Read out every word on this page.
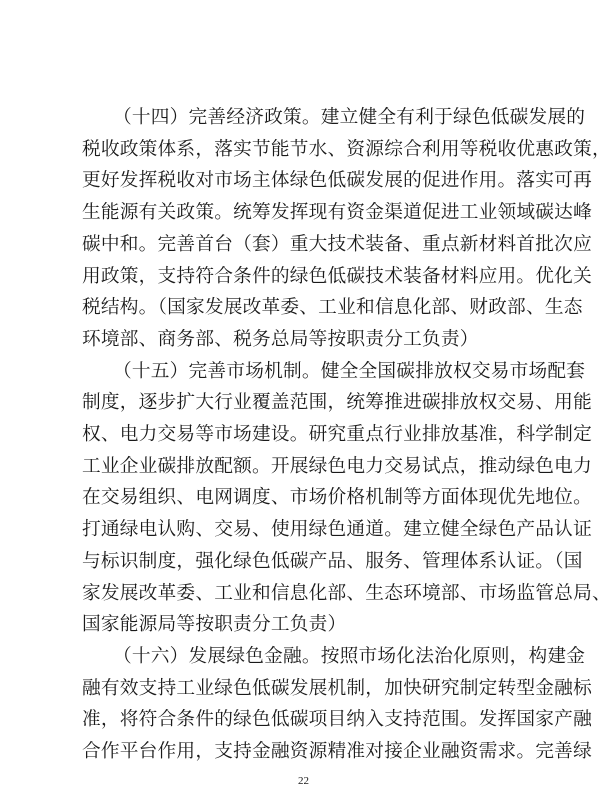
（十四）完善经济政策。建立健全有利于绿色低碳发展的
税收政策体系，落实节能节水、资源综合利用等税收优惠政策，
更好发挥税收对市场主体绿色低碳发展的促进作用。落实可再
生能源有关政策。统筹发挥现有资金渠道促进工业领域碳达峰
碳中和。完善首台（套）重大技术装备、重点新材料首批次应
用政策，支持符合条件的绿色低碳技术装备材料应用。优化关
税结构。（国家发展改革委、工业和信息化部、财政部、生态
环境部、商务部、税务总局等按职责分工负责）
（十五）完善市场机制。健全全国碳排放权交易市场配套
制度，逐步扩大行业覆盖范围，统筹推进碳排放权交易、用能
权、电力交易等市场建设。研究重点行业排放基准，科学制定
工业企业碳排放配额。开展绿色电力交易试点，推动绿色电力
在交易组织、电网调度、市场价格机制等方面体现优先地位。
打通绿电认购、交易、使用绿色通道。建立健全绿色产品认证
与标识制度，强化绿色低碳产品、服务、管理体系认证。（国
家发展改革委、工业和信息化部、生态环境部、市场监管总局、
国家能源局等按职责分工负责）
（十六）发展绿色金融。按照市场化法治化原则，构建金
融有效支持工业绿色低碳发展机制，加快研究制定转型金融标
准，将符合条件的绿色低碳项目纳入支持范围。发挥国家产融
合作平台作用，支持金融资源精准对接企业融资需求。完善绿
22
